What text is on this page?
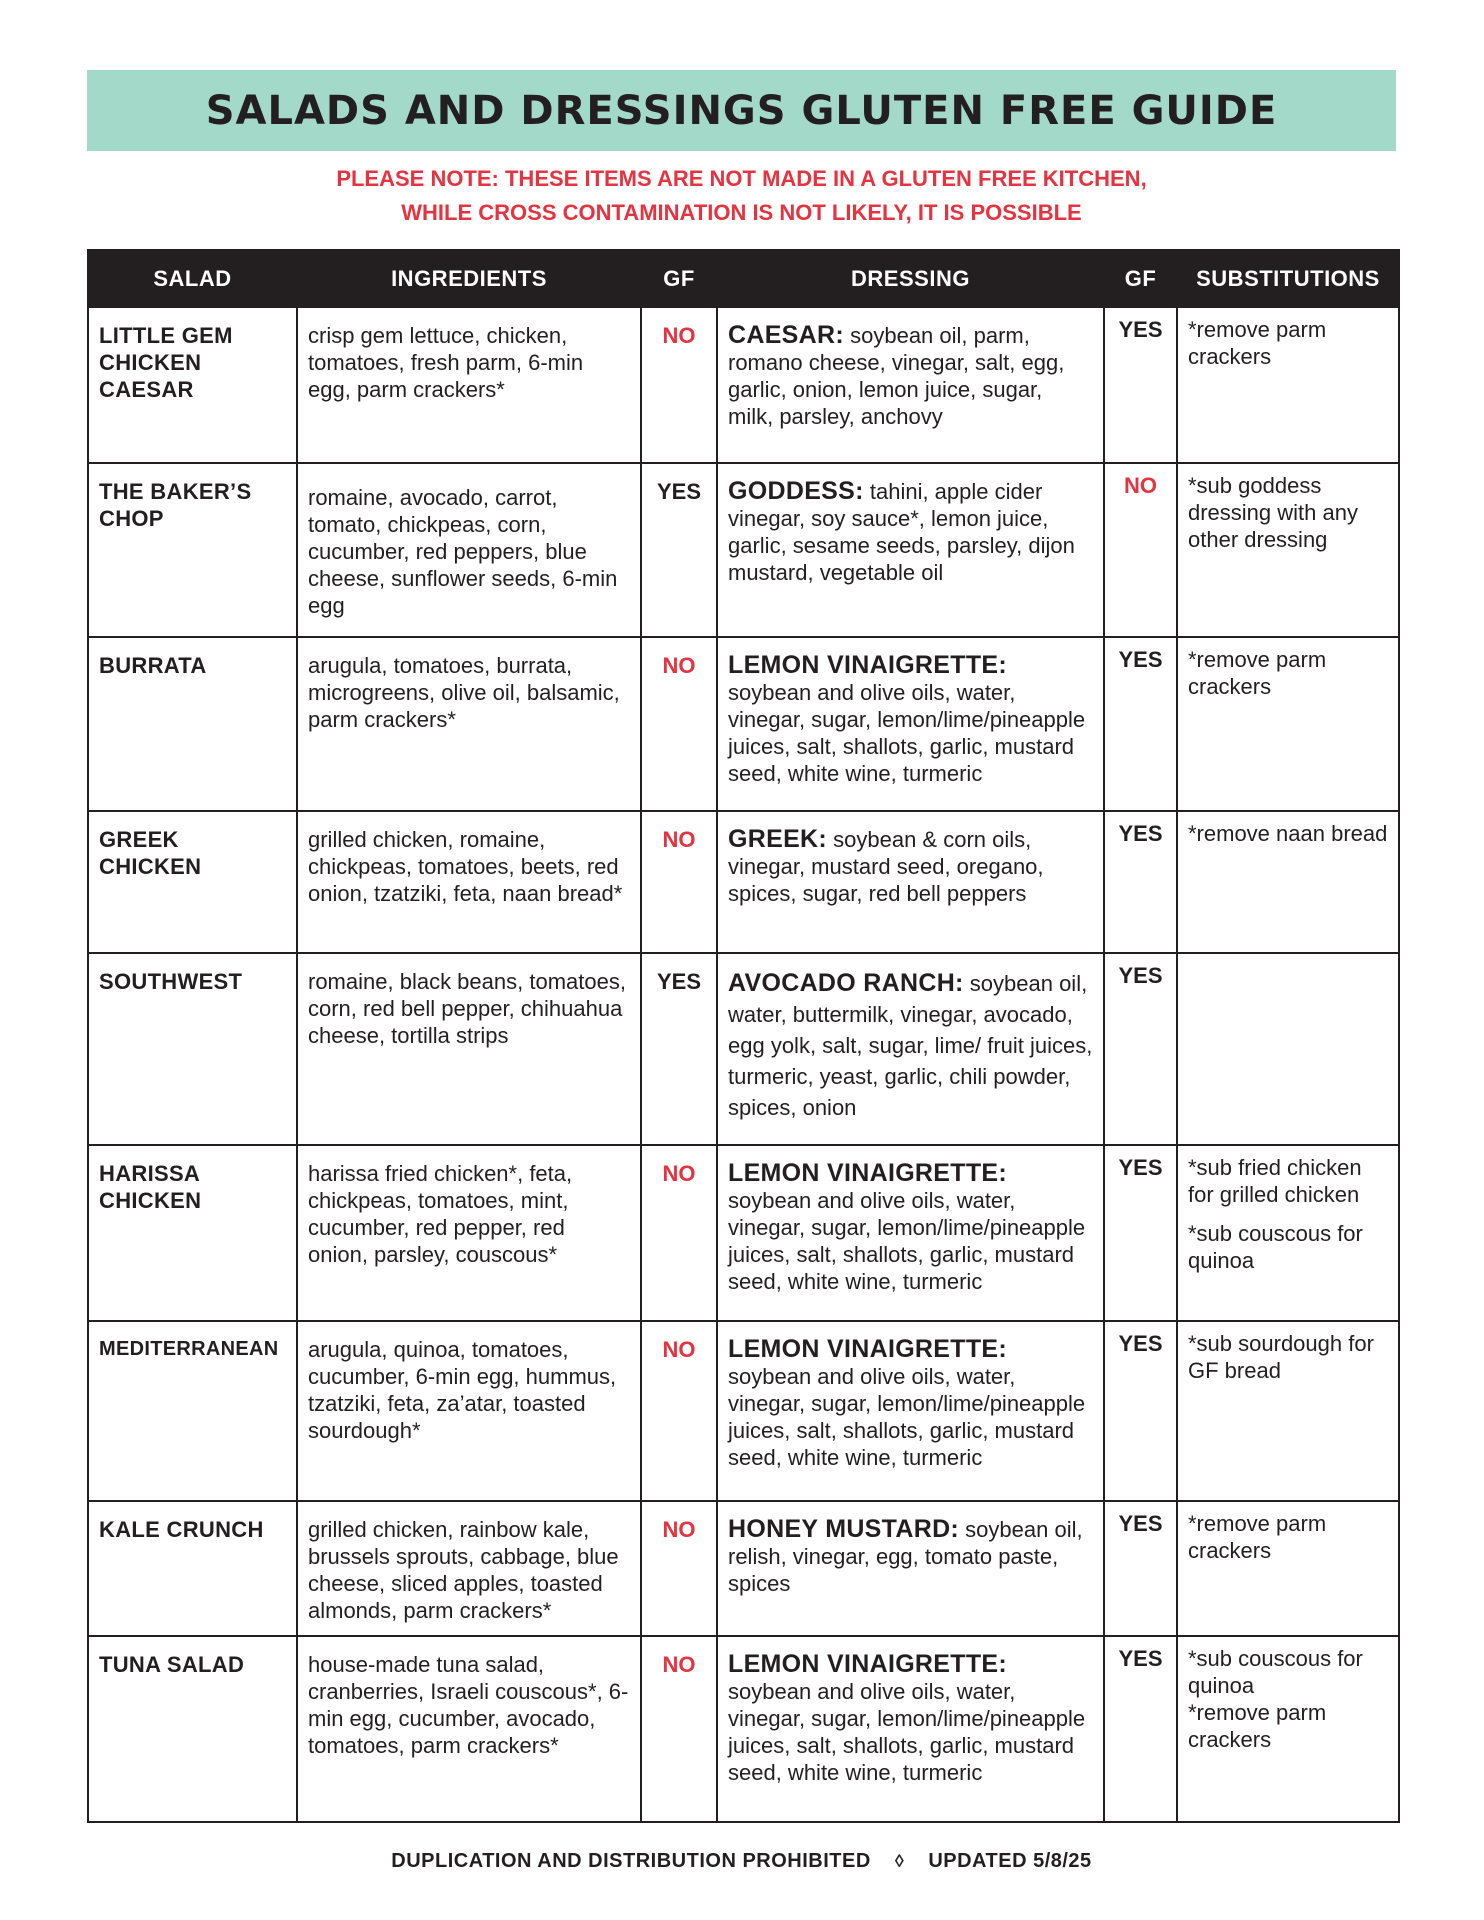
SALADS AND DRESSINGS GLUTEN FREE GUIDE
PLEASE NOTE: THESE ITEMS ARE NOT MADE IN A GLUTEN FREE KITCHEN,
WHILE CROSS CONTAMINATION IS NOT LIKELY, IT IS POSSIBLE
SALAD	INGREDIENTS	GF	DRESSING	GF	SUBSTITUTIONS
LITTLE GEM CHICKEN CAESAR	crisp gem lettuce, chicken, tomatoes, fresh parm, 6-min egg, parm crackers*	NO	CAESAR: soybean oil, parm, romano cheese, vinegar, salt, egg, garlic, onion, lemon juice, sugar, milk, parsley, anchovy	YES	*remove parm crackers

THE BAKER’S CHOP	romaine, avocado, carrot, tomato, chickpeas, corn, cucumber, red peppers, blue cheese, sunflower seeds, 6-min egg	YES	GODDESS: tahini, apple cider vinegar, soy sauce*, lemon juice, garlic, sesame seeds, parsley, dijon mustard, vegetable oil	NO	*sub goddess dressing with any other dressing

BURRATA	arugula, tomatoes, burrata, microgreens, olive oil, balsamic, parm crackers*	NO	LEMON VINAIGRETTE: soybean and olive oils, water, vinegar, sugar, lemon/lime/pineapple juices, salt, shallots, garlic, mustard seed, white wine, turmeric	YES	*remove parm crackers

GREEK CHICKEN	grilled chicken, romaine, chickpeas, tomatoes, beets, red onion, tzatziki, feta, naan bread*	NO	GREEK: soybean & corn oils, vinegar, mustard seed, oregano, spices, sugar, red bell peppers	YES	*remove naan bread

SOUTHWEST	romaine, black beans, tomatoes, corn, red bell pepper, chihuahua cheese, tortilla strips	YES	AVOCADO RANCH: soybean oil, water, buttermilk, vinegar, avocado, egg yolk, salt, sugar, lime/ fruit juices, turmeric, yeast, garlic, chili powder, spices, onion	YES	
HARISSA CHICKEN	harissa fried chicken*, feta, chickpeas, tomatoes, mint, cucumber, red pepper, red onion, parsley, couscous*	NO	LEMON VINAIGRETTE: soybean and olive oils, water, vinegar, sugar, lemon/lime/pineapple juices, salt, shallots, garlic, mustard seed, white wine, turmeric	YES	*sub fried chicken for grilled chicken

*sub couscous for quinoa

MEDITERRANEAN	arugula, quinoa, tomatoes, cucumber, 6-min egg, hummus, tzatziki, feta, za’atar, toasted sourdough*	NO	LEMON VINAIGRETTE: soybean and olive oils, water, vinegar, sugar, lemon/lime/pineapple juices, salt, shallots, garlic, mustard seed, white wine, turmeric	YES	*sub sourdough for GF bread

KALE CRUNCH	grilled chicken, rainbow kale, brussels sprouts, cabbage, blue cheese, sliced apples, toasted almonds, parm crackers*	NO	HONEY MUSTARD: soybean oil, relish, vinegar, egg, tomato paste, spices	YES	*remove parm crackers

TUNA SALAD	house-made tuna salad, cranberries, Israeli couscous*, 6-min egg, cucumber, avocado, tomatoes, parm crackers*	NO	LEMON VINAIGRETTE: soybean and olive oils, water, vinegar, sugar, lemon/lime/pineapple juices, salt, shallots, garlic, mustard seed, white wine, turmeric	YES	*sub couscous for quinoa

*remove parm crackers

DUPLICATION AND DISTRIBUTION PROHIBITED ◊ UPDATED 5/8/25
